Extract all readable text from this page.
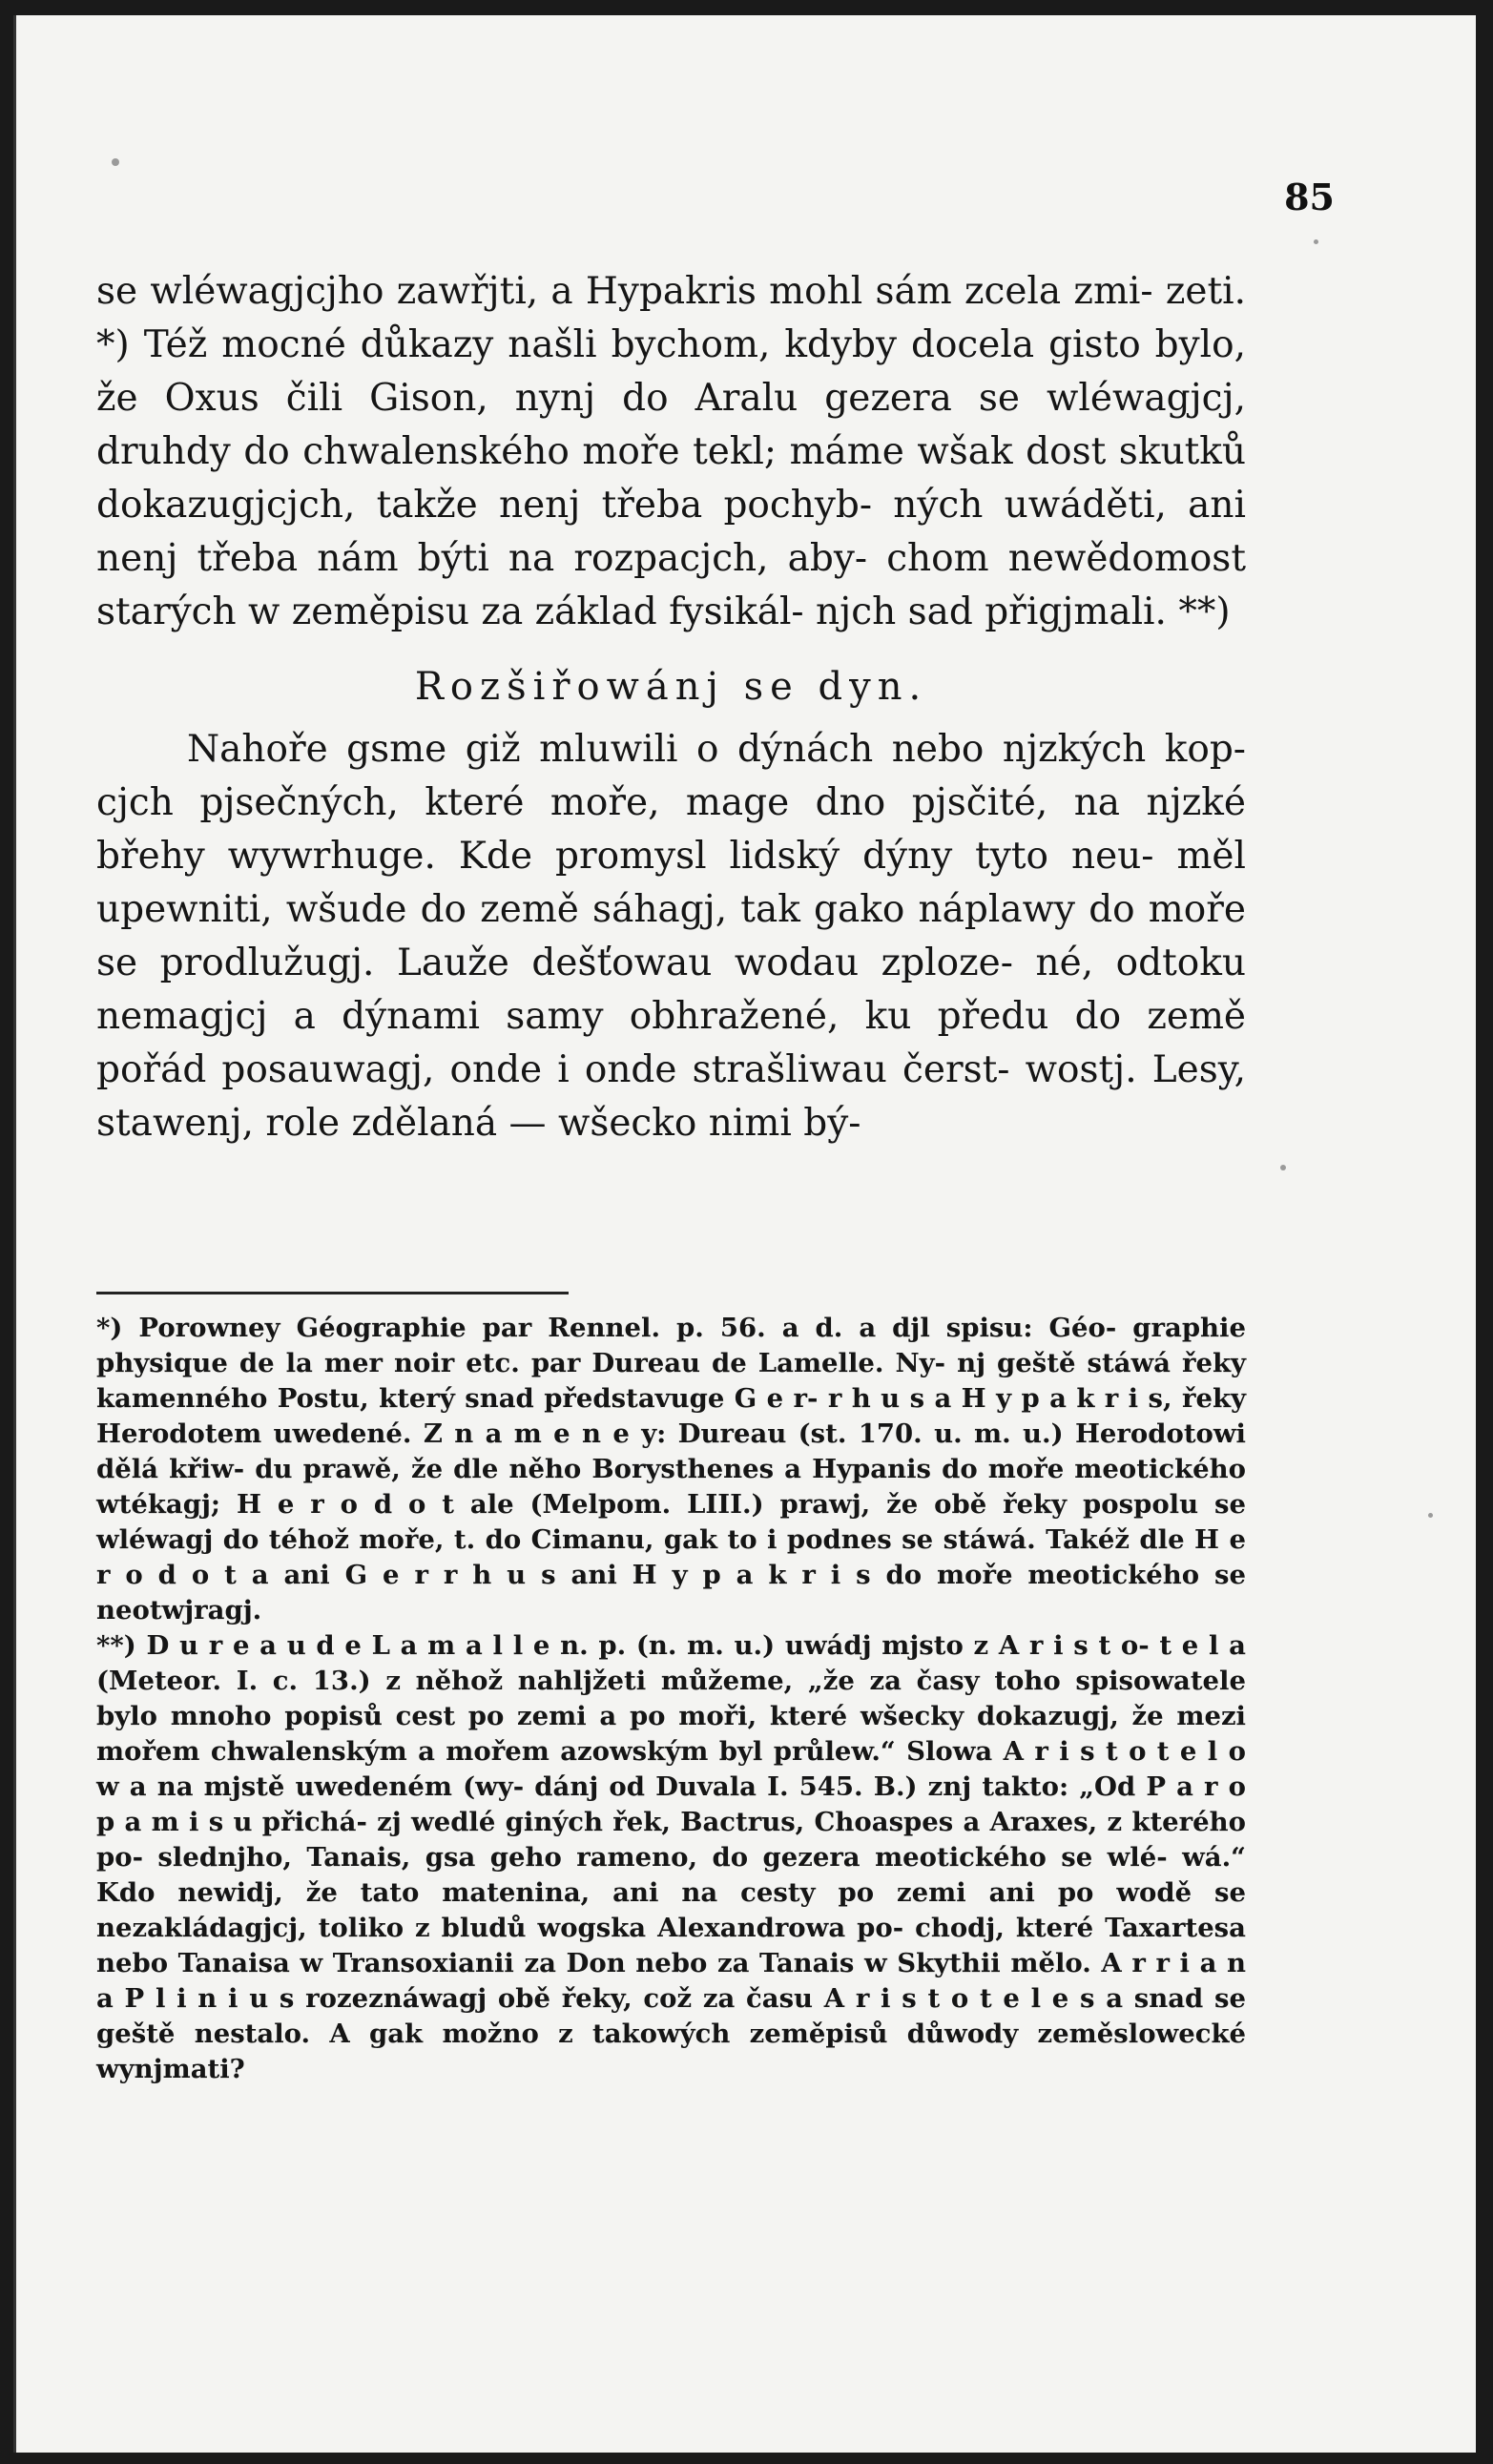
85

se wléwagjcjho zawřjti, a Hypakris mohl sám zcela zmi- zeti. *) Též mocné důkazy našli bychom, kdyby docela gisto bylo, že Oxus čili Gison, nynj do Aralu gezera se wléwagjcj, druhdy do chwalenského moře tekl; máme wšak dost skutků dokazugjcjch, takže nenj třeba pochyb- ných uwáděti, ani nenj třeba nám býti na rozpacjch, aby- chom newědomost starých w zeměpisu za základ fysikál- njch sad přigjmali. **)

Rozšiřowánj se dyn.

Nahoře gsme giž mluwili o dýnách nebo njzkých kop- cjch pjsečných, které moře, mage dno pjsčité, na njzké břehy wywrhuge. Kde promysl lidský dýny tyto neu- měl upewniti, wšude do země sáhagj, tak gako náplawy do moře se prodlužugj. Lauže dešťowau wodau zploze- né, odtoku nemagjcj a dýnami samy obhražené, ku předu do země pořád posauwagj, onde i onde strašliwau čerst- wostj. Lesy, stawenj, role zdělaná — wšecko nimi bý-

*) Porowney Géographie par Rennel. p. 56. a d. a djl spisu: Géo- graphie physique de la mer noir etc. par Dureau de Lamelle. Ny- nj geště stáwá řeky kamenného Postu, který snad představuge G e r- r h u s a H y p a k r i s, řeky Herodotem uwedené. Z n a m e n e y: Dureau (st. 170. u. m. u.) Herodotowi dělá křiw- du prawě, že dle něho Borysthenes a Hypanis do moře meotického wtékagj; H e r o d o t ale (Melpom. LIII.) prawj, že obě řeky pospolu se wléwagj do téhož moře, t. do Cimanu, gak to i podnes se stáwá. Takéž dle H e r o d o t a ani G e r r h u s ani H y p a k r i s do moře meotického se neotwjragj.

**) D u r e a u d e L a m a l l e n. p. (n. m. u.) uwádj mjsto z A r i s t o- t e l a (Meteor. I. c. 13.) z něhož nahljžeti můžeme, „že za časy toho spisowatele bylo mnoho popisů cest po zemi a po moři, které wšecky dokazugj, že mezi mořem chwalenským a mořem azowským byl průlew.“ Slowa A r i s t o t e l o w a na mjstě uwedeném (wy- dánj od Duvala I. 545. B.) znj takto: „Od P a r o p a m i s u přichá- zj wedlé giných řek, Bactrus, Choaspes a Araxes, z kterého po- slednjho, Tanais, gsa geho rameno, do gezera meotického se wlé- wá.“ Kdo newidj, že tato matenina, ani na cesty po zemi ani po wodě se nezakládagjcj, toliko z bludů wogska Alexandrowa po- chodj, které Taxartesa nebo Tanaisa w Transoxianii za Don nebo za Tanais w Skythii mělo. A r r i a n a P l i n i u s rozeznáwagj obě řeky, což za času A r i s t o t e l e s a snad se geště nestalo. A gak možno z takowých zeměpisů důwody zeměslowecké wynjmati?
